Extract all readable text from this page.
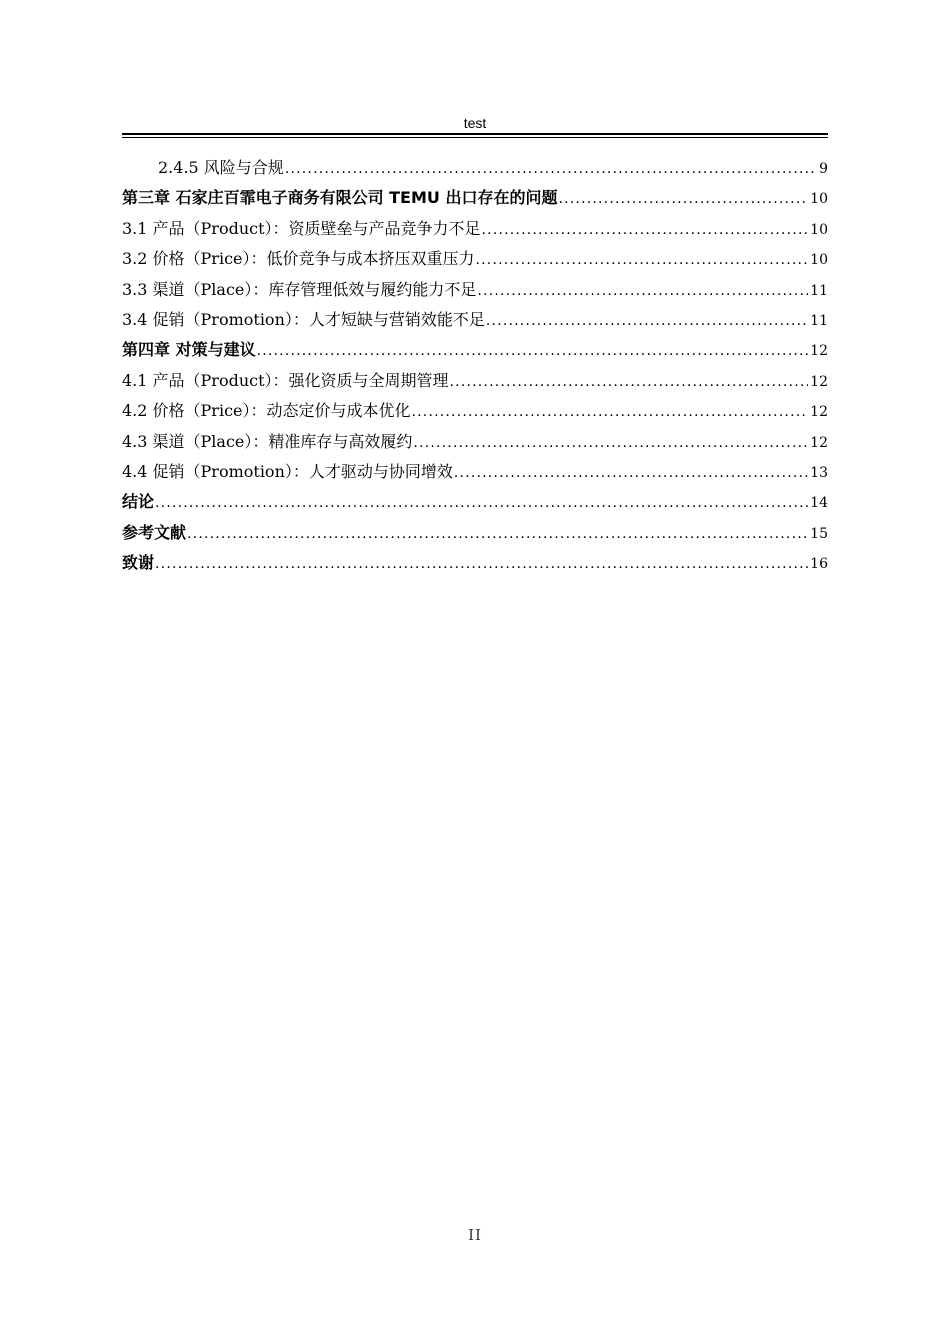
test
2.4.5 风险与合规 .....	9
第三章 石家庄百霏电子商务有限公司 TEMU 出口存在的问题 .....	10
3.1 产品（Product）：资质壁垒与产品竞争力不足 .....	10
3.2 价格（Price）：低价竞争与成本挤压双重压力 .....	10
3.3 渠道（Place）：库存管理低效与履约能力不足 .....	11
3.4 促销（Promotion）：人才短缺与营销效能不足 .....	11
第四章 对策与建议 .....	12
4.1 产品（Product）：强化资质与全周期管理 .....	12
4.2 价格（Price）：动态定价与成本优化 .....	12
4.3 渠道（Place）：精准库存与高效履约 .....	12
4.4 促销（Promotion）：人才驱动与协同增效 .....	13
结论 .....	14
参考文献 .....	15
致谢 .....	16
II
